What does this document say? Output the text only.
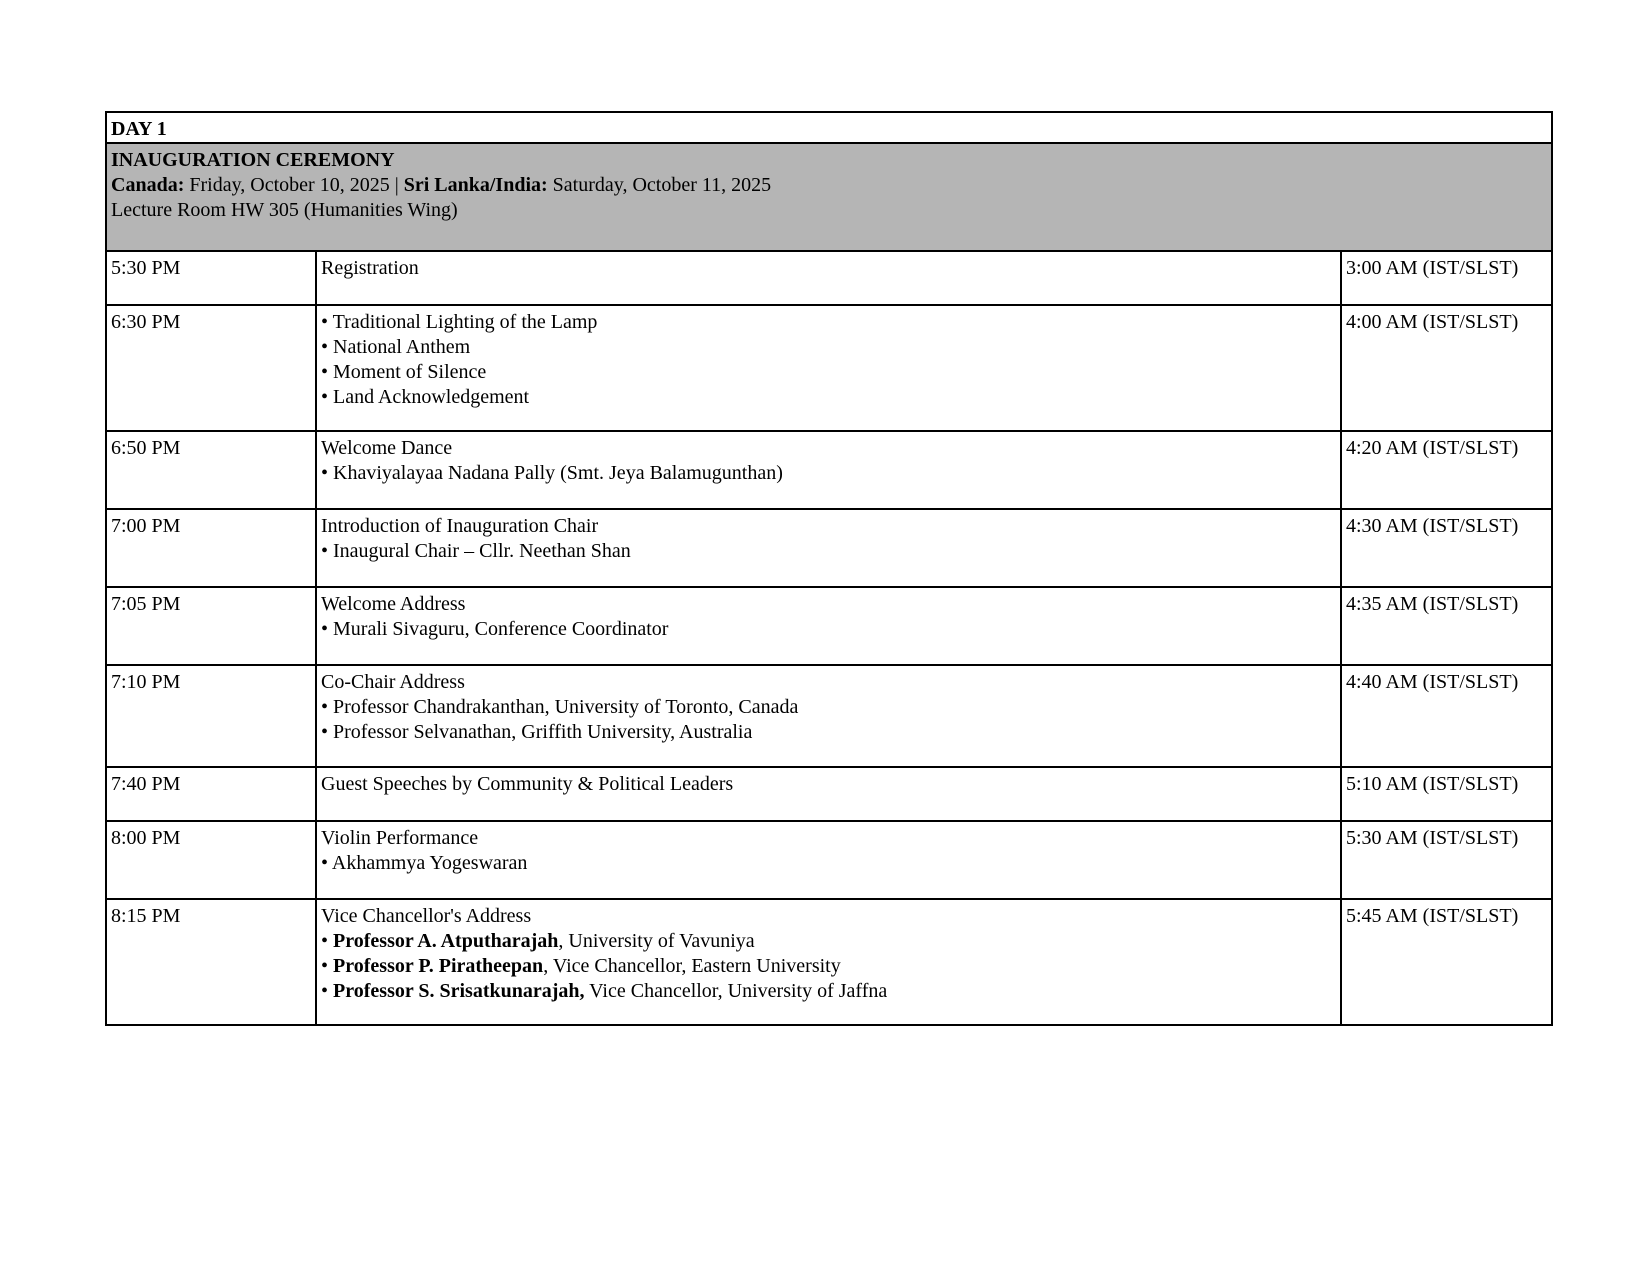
DAY 1		

INAUGURATION CEREMONY
Canada: Friday, October 10, 2025 | Sri Lanka/India: Saturday, October 11, 2025
Lecture Room HW 305 (Humanities Wing)		

5:30 PM	Registration	3:00 AM (IST/SLST)
6:30 PM	• Traditional Lighting of the Lamp
• National Anthem
• Moment of Silence
• Land Acknowledgement	4:00 AM (IST/SLST)
6:50 PM	Welcome Dance
• Khaviyalayaa Nadana Pally (Smt. Jeya Balamugunthan)	4:20 AM (IST/SLST)
7:00 PM	Introduction of Inauguration Chair
• Inaugural Chair – Cllr. Neethan Shan	4:30 AM (IST/SLST)
7:05 PM	Welcome Address
• Murali Sivaguru, Conference Coordinator	4:35 AM (IST/SLST)
7:10 PM	Co-Chair Address
• Professor Chandrakanthan, University of Toronto, Canada
• Professor Selvanathan, Griffith University, Australia	4:40 AM (IST/SLST)
7:40 PM	Guest Speeches by Community & Political Leaders	5:10 AM (IST/SLST)
8:00 PM	Violin Performance
• Akhammya Yogeswaran	5:30 AM (IST/SLST)
8:15 PM	Vice Chancellor's Address
• Professor A. Atputharajah, University of Vavuniya
• Professor P. Piratheepan, Vice Chancellor, Eastern University
• Professor S. Srisatkunarajah, Vice Chancellor, University of Jaffna	5:45 AM (IST/SLST)
